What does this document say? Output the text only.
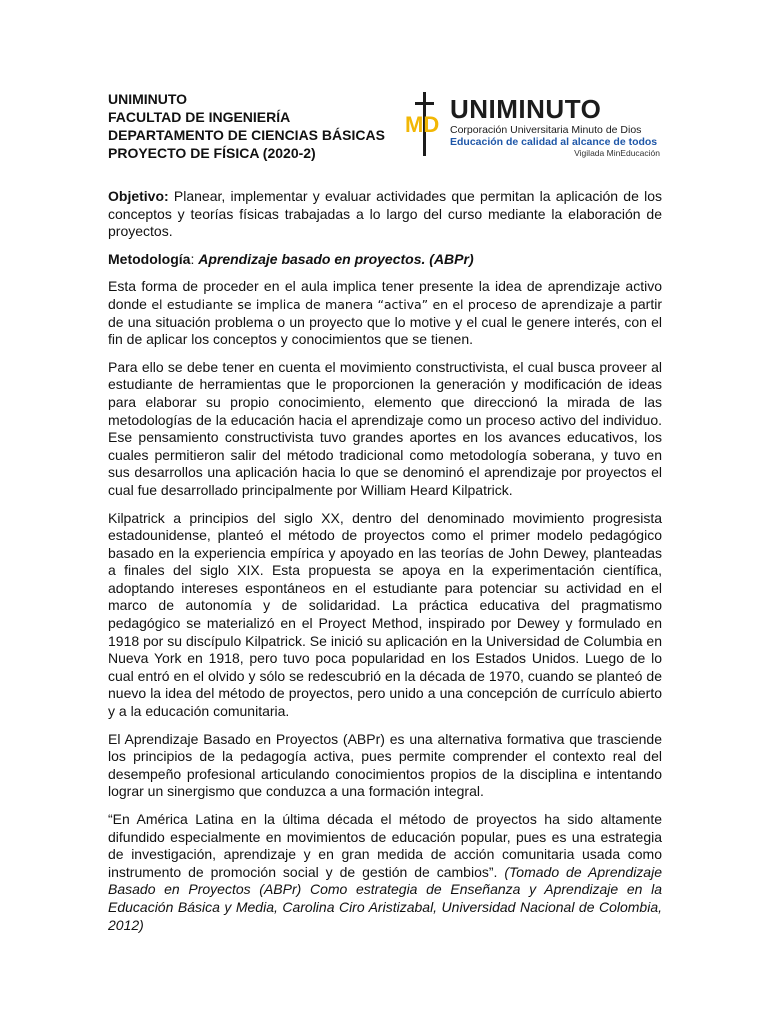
UNIMINUTO
FACULTAD DE INGENIERÍA
DEPARTAMENTO DE CIENCIAS BÁSICAS
PROYECTO DE FÍSICA (2020-2)
MD
UNIMINUTO
Corporación Universitaria Minuto de Dios
Educación de calidad al alcance de todos
Vigilada MinEducación

Objetivo: Planear, implementar y evaluar actividades que permitan la aplicación de los conceptos y teorías físicas trabajadas a lo largo del curso mediante la elaboración de proyectos.

Metodología: Aprendizaje basado en proyectos. (ABPr)

Esta forma de proceder en el aula implica tener presente la idea de aprendizaje activo donde el estudiante se implica de manera “activa” en el proceso de aprendizaje a partir de una situación problema o un proyecto que lo motive y el cual le genere interés, con el fin de aplicar los conceptos y conocimientos que se tienen.

Para ello se debe tener en cuenta el movimiento constructivista, el cual busca proveer al estudiante de herramientas que le proporcionen la generación y modificación de ideas para elaborar su propio conocimiento, elemento que direccionó la mirada de las metodologías de la educación hacia el aprendizaje como un proceso activo del individuo. Ese pensamiento constructivista tuvo grandes aportes en los avances educativos, los cuales permitieron salir del método tradicional como metodología soberana, y tuvo en sus desarrollos una aplicación hacia lo que se denominó el aprendizaje por proyectos el cual fue desarrollado principalmente por William Heard Kilpatrick.

Kilpatrick a principios del siglo XX, dentro del denominado movimiento progresista estadounidense, planteó el método de proyectos como el primer modelo pedagógico basado en la experiencia empírica y apoyado en las teorías de John Dewey, planteadas a finales del siglo XIX. Esta propuesta se apoya en la experimentación científica, adoptando intereses espontáneos en el estudiante para potenciar su actividad en el marco de autonomía y de solidaridad. La práctica educativa del pragmatismo pedagógico se materializó en el Proyect Method, inspirado por Dewey y formulado en 1918 por su discípulo Kilpatrick. Se inició su aplicación en la Universidad de Columbia en Nueva York en 1918, pero tuvo poca popularidad en los Estados Unidos. Luego de lo cual entró en el olvido y sólo se redescubrió en la década de 1970, cuando se planteó de nuevo la idea del método de proyectos, pero unido a una concepción de currículo abierto y a la educación comunitaria.

El Aprendizaje Basado en Proyectos (ABPr) es una alternativa formativa que trasciende los principios de la pedagogía activa, pues permite comprender el contexto real del desempeño profesional articulando conocimientos propios de la disciplina e intentando lograr un sinergismo que conduzca a una formación integral.

“En América Latina en la última década el método de proyectos ha sido altamente difundido especialmente en movimientos de educación popular, pues es una estrategia de investigación, aprendizaje y en gran medida de acción comunitaria usada como instrumento de promoción social y de gestión de cambios”. (Tomado de Aprendizaje Basado en Proyectos (ABPr) Como estrategia de Enseñanza y Aprendizaje en la Educación Básica y Media, Carolina Ciro Aristizabal, Universidad Nacional de Colombia, 2012)
